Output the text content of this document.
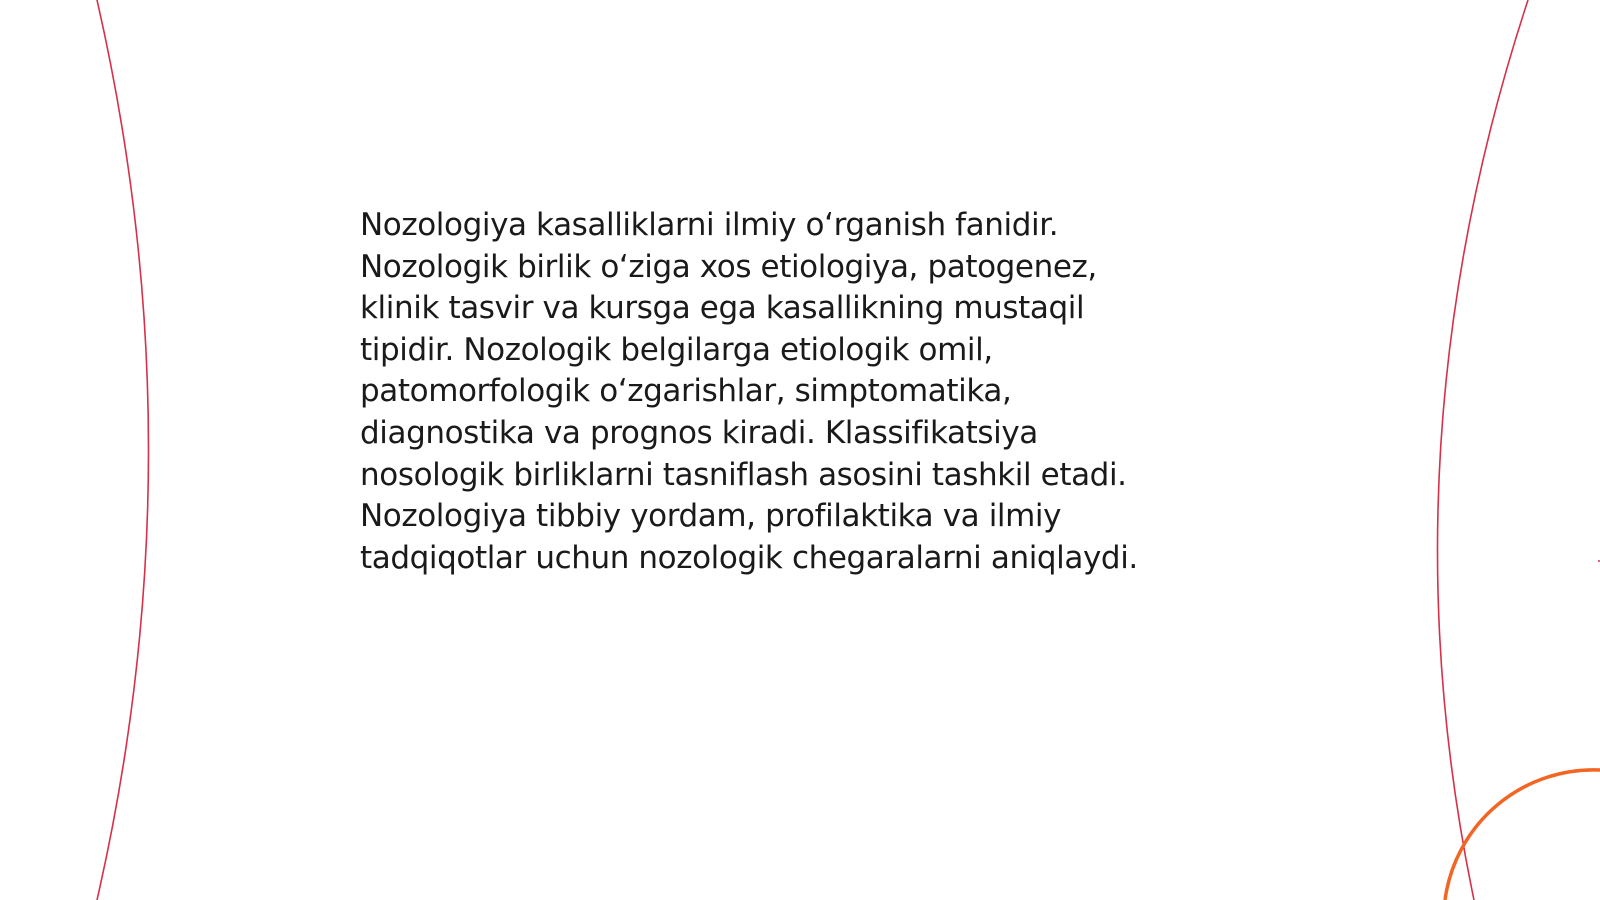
Nozologiya kasalliklarni ilmiy o‘rganish fanidir.
Nozologik birlik o‘ziga xos etiologiya, patogenez,
klinik tasvir va kursga ega kasallikning mustaqil
tipidir. Nozologik belgilarga etiologik omil,
patomorfologik o‘zgarishlar, simptomatika,
diagnostika va prognos kiradi. Klassifikatsiya
nosologik birliklarni tasniflash asosini tashkil etadi.
Nozologiya tibbiy yordam, profilaktika va ilmiy
tadqiqotlar uchun nozologik chegaralarni aniqlaydi.
